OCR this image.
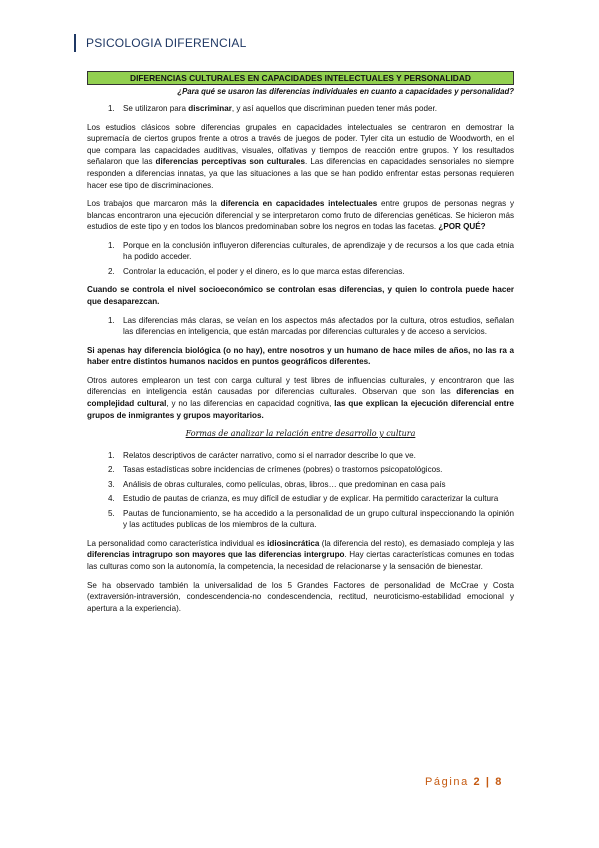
PSICOLOGIA DIFERENCIAL
DIFERENCIAS CULTURALES EN CAPACIDADES INTELECTUALES Y PERSONALIDAD
¿Para qué se usaron las diferencias individuales en cuanto a capacidades y personalidad?
1. Se utilizaron para discriminar, y así aquellos que discriminan pueden tener más poder.

Los estudios clásicos sobre diferencias grupales en capacidades intelectuales se centraron en demostrar la supremacía de ciertos grupos frente a otros a través de juegos de poder. Tyler cita un estudio de Woodworth, en el que compara las capacidades auditivas, visuales, olfativas y tiempos de reacción entre grupos. Y los resultados señalaron que las diferencias perceptivas son culturales. Las diferencias en capacidades sensoriales no siempre responden a diferencias innatas, ya que las situaciones a las que se han podido enfrentar estas personas requieren hacer ese tipo de discriminaciones.

Los trabajos que marcaron más la diferencia en capacidades intelectuales entre grupos de personas negras y blancas encontraron una ejecución diferencial y se interpretaron como fruto de diferencias genéticas. Se hicieron más estudios de este tipo y en todos los blancos predominaban sobre los negros en todas las facetas. ¿POR QUÉ?

1. Porque en la conclusión influyeron diferencias culturales, de aprendizaje y de recursos a los que cada etnia ha podido acceder.
2. Controlar la educación, el poder y el dinero, es lo que marca estas diferencias.

Cuando se controla el nivel socioeconómico se controlan esas diferencias, y quien lo controla puede hacer que desaparezcan.

1. Las diferencias más claras, se veían en los aspectos más afectados por la cultura, otros estudios, señalan las diferencias en inteligencia, que están marcadas por diferencias culturales y de acceso a servicios.

Si apenas hay diferencia biológica (o no hay), entre nosotros y un humano de hace miles de años, no las ra a haber entre distintos humanos nacidos en puntos geográficos diferentes.

Otros autores emplearon un test con carga cultural y test libres de influencias culturales, y encontraron que las diferencias en inteligencia están causadas por diferencias culturales. Observan que son las diferencias en complejidad cultural, y no las diferencias en capacidad cognitiva, las que explican la ejecución diferencial entre grupos de inmigrantes y grupos mayoritarios.

Formas de analizar la relación entre desarrollo y cultura
1. Relatos descriptivos de carácter narrativo, como si el narrador describe lo que ve.
2. Tasas estadísticas sobre incidencias de crímenes (pobres) o trastornos psicopatológicos.
3. Análisis de obras culturales, como películas, obras, libros… que predominan en casa país
4. Estudio de pautas de crianza, es muy difícil de estudiar y de explicar. Ha permitido caracterizar la cultura
5. Pautas de funcionamiento, se ha accedido a la personalidad de un grupo cultural inspeccionando la opinión y las actitudes publicas de los miembros de la cultura.

La personalidad como característica individual es idiosincrática (la diferencia del resto), es demasiado compleja y las diferencias intragrupo son mayores que las diferencias intergrupo. Hay ciertas características comunes en todas las culturas como son la autonomía, la competencia, la necesidad de relacionarse y la sensación de bienestar.

Se ha observado también la universalidad de los 5 Grandes Factores de personalidad de McCrae y Costa (extraversión-intraversión, condescendencia-no condescendencia, rectitud, neuroticismo-estabilidad emocional y apertura a la experiencia).

Página 2 | 8
